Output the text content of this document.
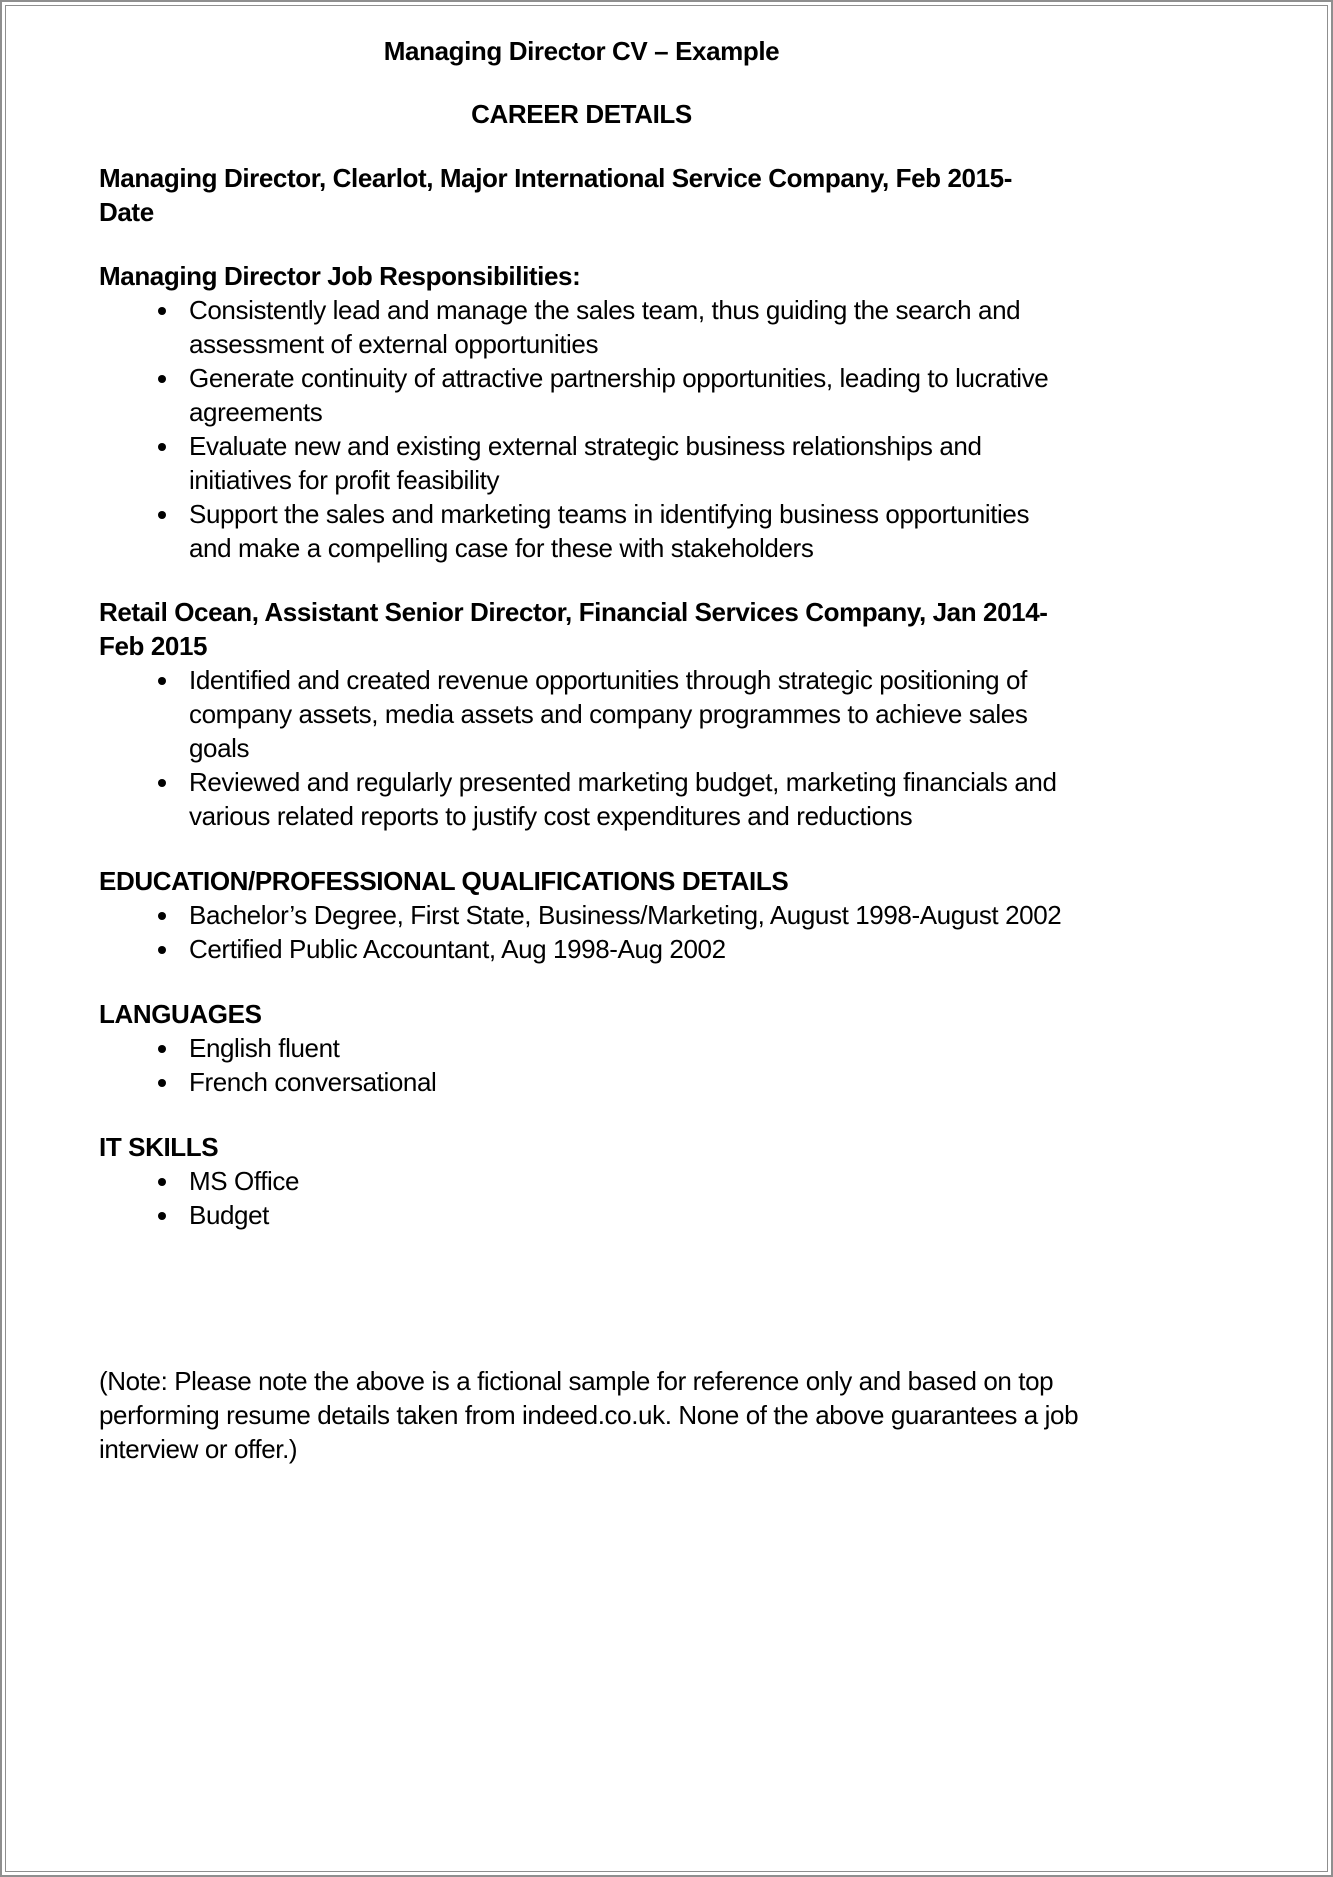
Managing Director CV – Example
CAREER DETAILS
Managing Director, Clearlot, Major International Service Company, Feb 2015-Date
Managing Director Job Responsibilities:
• Consistently lead and manage the sales team, thus guiding the search and assessment of external opportunities
• Generate continuity of attractive partnership opportunities, leading to lucrative agreements
• Evaluate new and existing external strategic business relationships and initiatives for profit feasibility
• Support the sales and marketing teams in identifying business opportunities and make a compelling case for these with stakeholders
Retail Ocean, Assistant Senior Director, Financial Services Company, Jan 2014-Feb 2015
• Identified and created revenue opportunities through strategic positioning of company assets, media assets and company programmes to achieve sales goals
• Reviewed and regularly presented marketing budget, marketing financials and various related reports to justify cost expenditures and reductions
EDUCATION/PROFESSIONAL QUALIFICATIONS DETAILS
• Bachelor’s Degree, First State, Business/Marketing, August 1998-August 2002
• Certified Public Accountant, Aug 1998-Aug 2002
LANGUAGES
• English fluent
• French conversational
IT SKILLS
• MS Office
• Budget

(Note: Please note the above is a fictional sample for reference only and based on top performing resume details taken from indeed.co.uk. None of the above guarantees a job interview or offer.)
